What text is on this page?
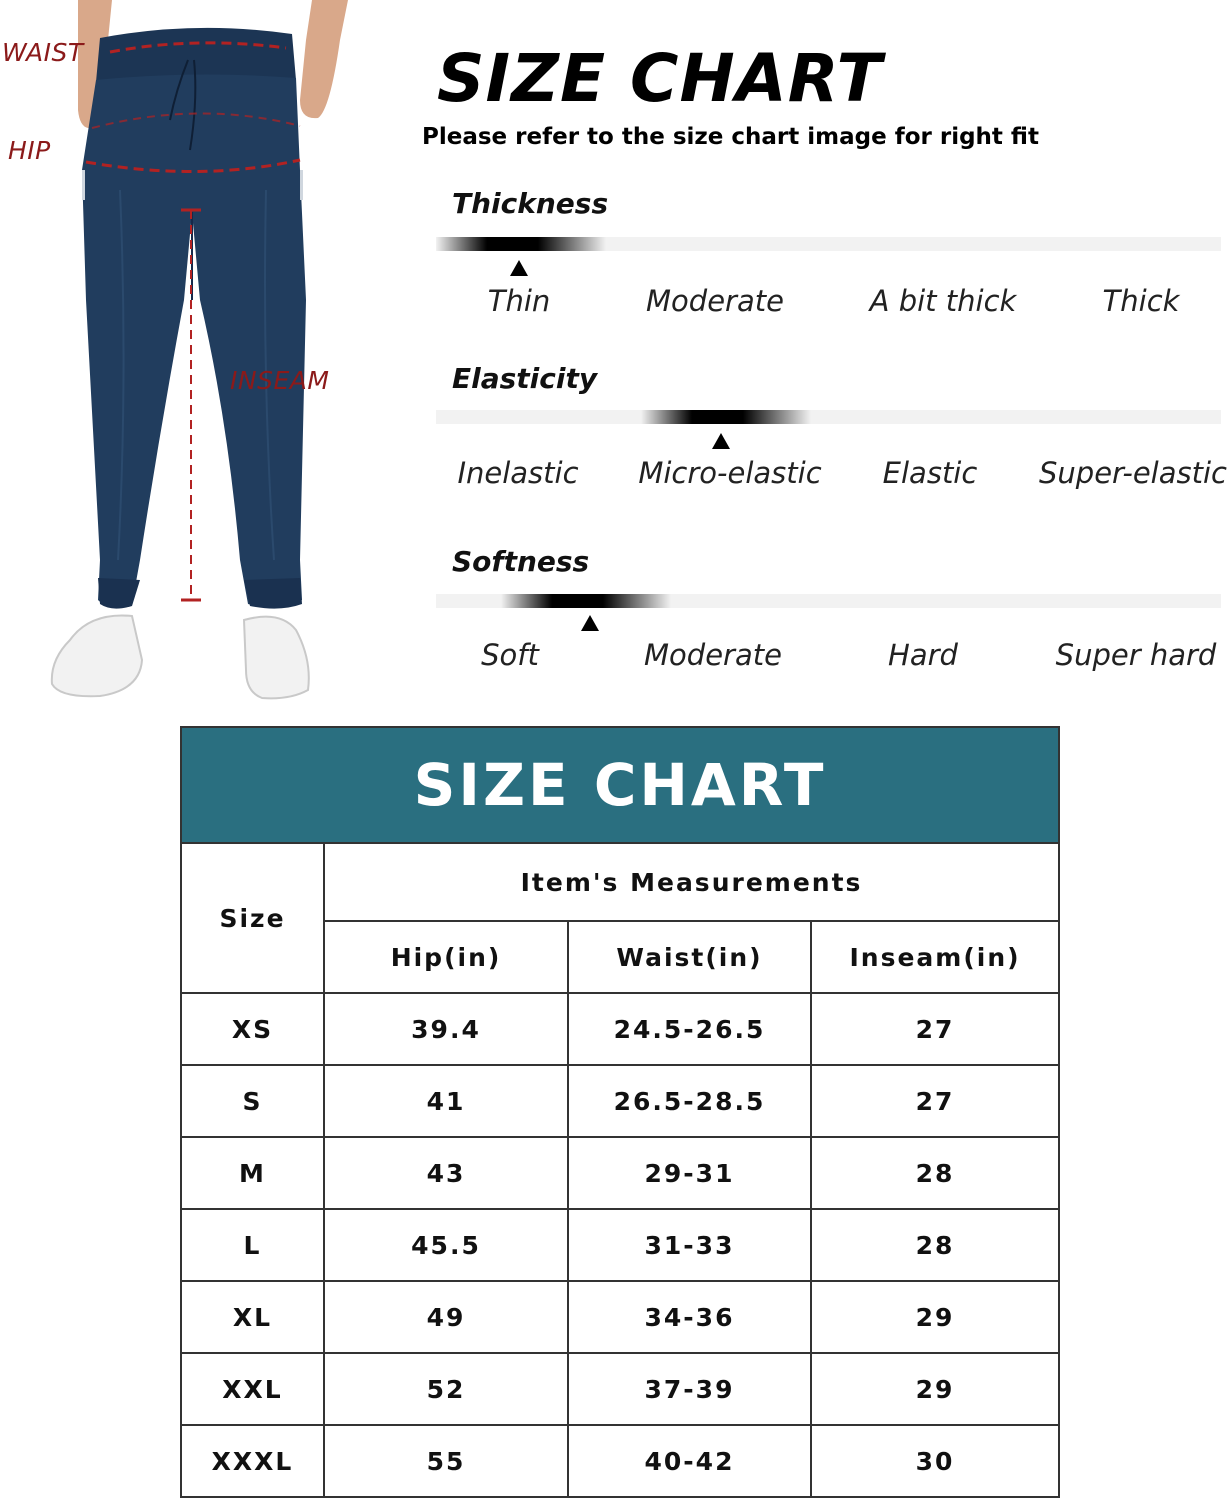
WAIST
HIP
INSEAM
SIZE CHART
Please refer to the size chart image for right fit
Thickness
Thin	Moderate	A bit thick	Thick
Elasticity
Inelastic Micro-elastic Elastic Super-elastic
Softness
Soft	Moderate	Hard	Super hard
SIZE CHART			
Size	Item's Measurements		
	Hip(in)	Waist(in)	Inseam(in)
XS	39.4	24.5-26.5	27
S	41	26.5-28.5	27
M	43	29-31	28
L	45.5	31-33	28
XL	49	34-36	29
XXL	52	37-39	29
XXXL	55	40-42	30
